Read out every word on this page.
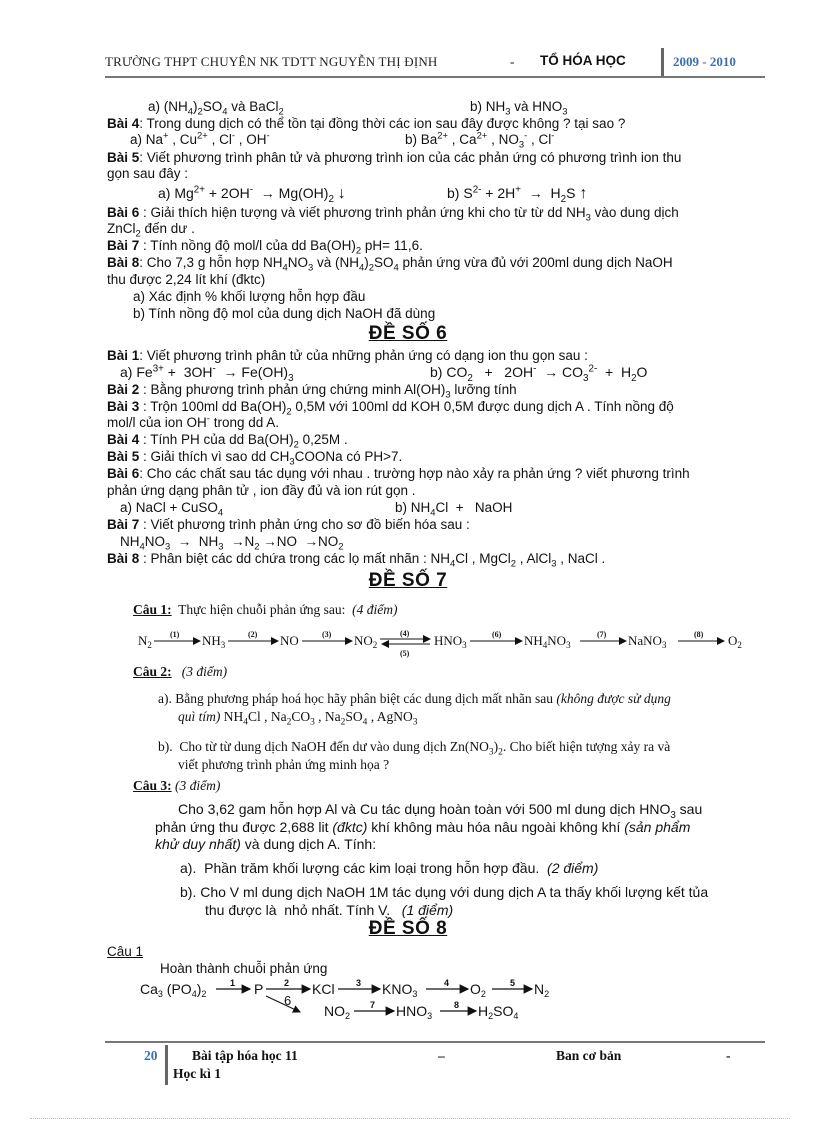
TRƯỜNG THPT CHUYÊN NK TDTT NGUYỄN THỊ ĐỊNH	- TỔ HÓA HỌC	2009 - 2010
a) $(NH_4)_2SO_4$ và BaCl$_2$	b) $NH_3$ và $HNO_3$
Bài 4: Trong dung dịch có thể tồn tại đồng thời các ion sau đây được không ? tại sao ?
a) Na+ , $Cu^{2+}$ , Cl- , OH-	b) $Ba^{2+}$ , $Ca^{2+}$ , $NO_3^-$ , Cl-
Bài 5: Viết phương trình phân tử và phương trình ion của các phản ứng có phương trình ion thu
gọn sau đây :
a) $Mg^{2+} + 2OH^- \to Mg(OH)_2$ ↓	b) $S^{2-} + 2H^+ \to H_2S$ ↑
Bài 6 : Giải thích hiện tượng và viết phương trình phản ứng khi cho từ từ dd $NH_3$ vào dung dịch
ZnCl$_2$ đến dư .
Bài 7 : Tính nồng độ mol/l của dd $Ba(OH)_2$ pH= 11,6.
Bài 8: Cho 7,3 g hỗn hợp $NH_4NO_3$ và $(NH_4)_2SO_4$ phản ứng vừa đủ với 200ml dung dịch NaOH
thu được 2,24 lít khí (đktc)
a) Xác định % khối lượng hỗn hợp đầu
b) Tính nồng độ mol của dung dịch NaOH đã dùng
ĐỀ SỐ 6
Bài 1: Viết phương trình phân tử của những phản ứng có dạng ion thu gọn sau :
a) $Fe^{3+} + 3OH^- \to Fe(OH)_3$	b) $CO_2 + 2OH^- \to CO_3^{2-} + H_2O$
Bài 2 : Bằng phương trình phản ứng chứng minh $Al(OH)_3$ lưỡng tính
Bài 3 : Trộn 100ml dd $Ba(OH)_2$ 0,5M với 100ml dd KOH 0,5M được dung dịch A . Tính nồng độ
mol/l của ion OH- trong dd A.
Bài 4 : Tính PH của dd $Ba(OH)_2$ 0,25M .
Bài 5 : Giải thích vì sao dd $CH_3COONa$ có PH>7.
Bài 6: Cho các chất sau tác dụng với nhau . trường hợp nào xảy ra phản ứng ? viết phương trình
phản ứng dạng phân tử , ion đầy đủ và ion rút gọn .
a) NaCl + CuSO$_4$	b) $NH_4Cl$  +   NaOH
Bài 7 : Viết phương trình phản ứng cho sơ đồ biến hóa sau :
$NH_4NO_3 \to NH_3 \to N_2 \to NO \to NO_2$
Bài 8 : Phân biệt các dd chứa trong các lọ mất nhãn : $NH_4Cl$ , MgCl$_2$ , AlCl$_3$ , NaCl .
ĐỀ SỐ 7
Câu 1: Thực hiện chuỗi phản ứng sau: (4 điểm)
$N_2$
(1) $NH_3$
(2) NO	(3) $NO_2$
(4)
(5)
$HNO_3$
(6) $NH_4NO_3$
(7) NaNO$_3$
(8) $O_2$
Câu 2: (3 điểm)
a). Bằng phương pháp hoá học hãy phân biệt các dung dịch mất nhãn sau (không được sử dụng
quì tím) $NH_4Cl$ , $Na_2CO_3$ , $Na_2SO_4$ , AgNO$_3$
b).  Cho từ từ dung dịch NaOH đến dư vào dung dịch $Zn(NO_3)_2$. Cho biết hiện tượng xảy ra và
viết phương trình phản ứng minh họa ?
Câu 3: (3 điểm)
Cho 3,62 gam hỗn hợp Al và Cu tác dụng hoàn toàn với 500 ml dung dịch $HNO_3$ sau
phản ứng thu được 2,688 lit (đktc) khí không màu hóa nâu ngoài không khí (sản phẩm
khử duy nhất) và dung dịch A. Tính:
a).  Phần trăm khối lượng các kim loại trong hỗn hợp đầu.  (2 điểm)
b). Cho V ml dung dịch NaOH 1M tác dụng với dung dịch A ta thấy khối lượng kết tủa
thu được là  nhỏ nhất. Tính V.   (1 điểm)
ĐỀ SỐ 8
Câu 1
Hoàn thành chuỗi phản ứng
$Ca_3$ $(PO_4)_2$
1 P 2
6
KCl 3 $KNO_3$
4 $O_2$
5 $N_2$
$NO_2$
7 $HNO_3$
8 $H_2SO_4$
20	Bài tập hóa học 11	–	Ban cơ bản	-
Học kì 1
